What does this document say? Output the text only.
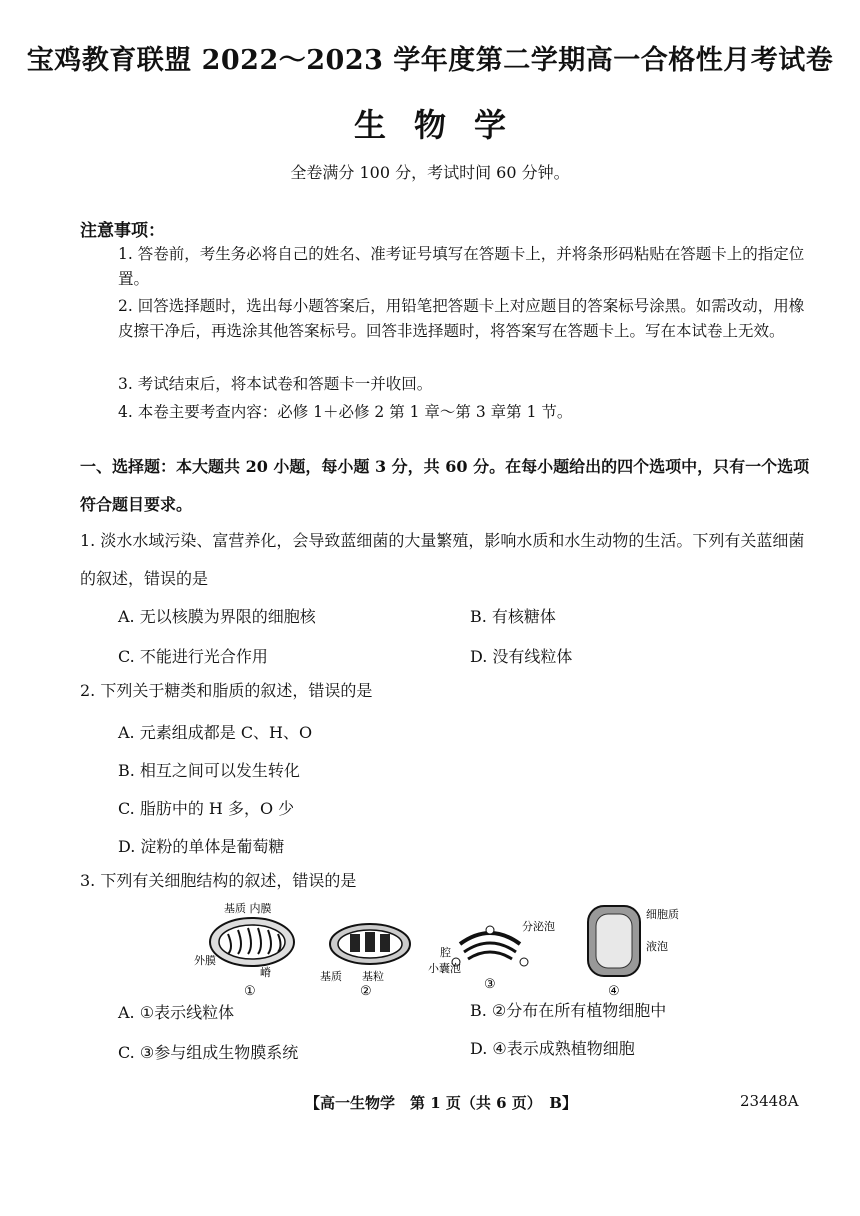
宝鸡教育联盟 2022～2023 学年度第二学期高一合格性月考试卷
生物学
全卷满分 100 分，考试时间 60 分钟。
注意事项：
1. 答卷前，考生务必将自己的姓名、准考证号填写在答题卡上，并将条形码粘贴在答题卡上的指定位置。
2. 回答选择题时，选出每小题答案后，用铅笔把答题卡上对应题目的答案标号涂黑。如需改动，用橡皮擦干净后，再选涂其他答案标号。回答非选择题时，将答案写在答题卡上。写在本试卷上无效。
3. 考试结束后，将本试卷和答题卡一并收回。
4. 本卷主要考查内容：必修 1＋必修 2 第 1 章～第 3 章第 1 节。
一、选择题：本大题共 20 小题，每小题 3 分，共 60 分。在每小题给出的四个选项中，只有一个选项符合题目要求。
1. 淡水水域污染、富营养化，会导致蓝细菌的大量繁殖，影响水质和水生动物的生活。下列有关蓝细菌的叙述，错误的是
A. 无以核膜为界限的细胞核	B. 有核糖体
C. 不能进行光合作用	D. 没有线粒体
2. 下列关于糖类和脂质的叙述，错误的是
A. 元素组成都是 C、H、O
B. 相互之间可以发生转化
C. 脂肪中的 H 多，O 少
D. 淀粉的单体是葡萄糖
3. 下列有关细胞结构的叙述，错误的是
基质 内膜
外膜
嵴
①
基质 基粒
②
分泌泡
腔
小囊泡
③
细胞质
液泡
④
A. ①表示线粒体	B. ②分布在所有植物细胞中
C. ③参与组成生物膜系统	D. ④表示成熟植物细胞
【高一生物学　第 1 页（共 6 页）　B】	23448A
